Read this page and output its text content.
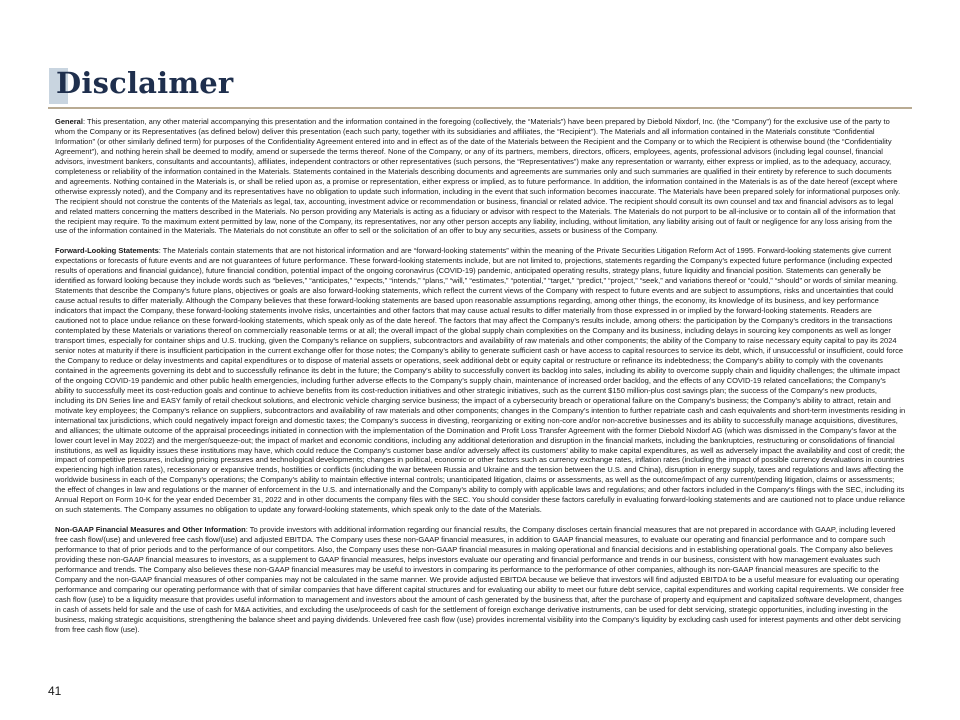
Disclaimer

General: This presentation, any other material accompanying this presentation and the information contained in the foregoing (collectively, the “Materials”) have been prepared by Diebold Nixdorf, Inc. (the “Company”) for the exclusive use of the party to whom the Company or its Representatives (as defined below) deliver this presentation (each such party, together with its subsidiaries and affiliates, the “Recipient”). The Materials and all information contained in the Materials constitute “Confidential Information” (or other similarly defined term) for purposes of the Confidentiality Agreement entered into and in effect as of the date of the Materials between the Recipient and the Company or to which the Recipient is otherwise bound (the “Confidentiality Agreement”), and nothing herein shall be deemed to modify, amend or supersede the terms thereof. None of the Company, or any of its partners, members, directors, officers, employees, agents, professional advisors (including legal counsel, financial advisors, investment bankers, consultants and accountants), affiliates, independent contractors or other representatives (such persons, the “Representatives”) make any representation or warranty, either express or implied, as to the adequacy, accuracy, completeness or reliability of the information contained in the Materials. Statements contained in the Materials describing documents and agreements are summaries only and such summaries are qualified in their entirety by reference to such documents and agreements. Nothing contained in the Materials is, or shall be relied upon as, a promise or representation, either express or implied, as to future performance. In addition, the information contained in the Materials is as of the date hereof (except where otherwise expressly noted), and the Company and its representatives have no obligation to update such information, including in the event that such information becomes inaccurate. The Materials have been prepared solely for informational purposes only. The recipient should not construe the contents of the Materials as legal, tax, accounting, investment advice or recommendation or business, financial or related advice. The recipient should consult its own counsel and tax and financial advisors as to legal and related matters concerning the matters described in the Materials. No person providing any Materials is acting as a fiduciary or advisor with respect to the Materials. The Materials do not purport to be all-inclusive or to contain all of the information that the recipient may require. To the maximum extent permitted by law, none of the Company, its representatives, nor any other person accepts any liability, including, without limitation, any liability arising out of fault or negligence for any loss arising from the use of the information contained in the Materials. The Materials do not constitute an offer to sell or the solicitation of an offer to buy any securities, assets or business of the Company.

Forward-Looking Statements: The Materials contain statements that are not historical information and are “forward-looking statements” within the meaning of the Private Securities Litigation Reform Act of 1995. Forward-looking statements give current expectations or forecasts of future events and are not guarantees of future performance. These forward-looking statements include, but are not limited to, projections, statements regarding the Company’s expected future performance (including expected results of operations and financial guidance), future financial condition, potential impact of the ongoing coronavirus (COVID-19) pandemic, anticipated operating results, strategy plans, future liquidity and financial position. Statements can generally be identified as forward looking because they include words such as “believes,” “anticipates,” “expects,” “intends,” “plans,” “will,” “estimates,” “potential,” “target,” “predict,” “project,” “seek,” and variations thereof or “could,” “should” or words of similar meaning. Statements that describe the Company’s future plans, objectives or goals are also forward-looking statements, which reflect the current views of the Company with respect to future events and are subject to assumptions, risks and uncertainties that could cause actual results to differ materially. Although the Company believes that these forward-looking statements are based upon reasonable assumptions regarding, among other things, the economy, its knowledge of its business, and key performance indicators that impact the Company, these forward-looking statements involve risks, uncertainties and other factors that may cause actual results to differ materially from those expressed in or implied by the forward-looking statements. Readers are cautioned not to place undue reliance on these forward-looking statements, which speak only as of the date hereof. The factors that may affect the Company’s results include, among others: the participation by the Company’s creditors in the transactions contemplated by these Materials or variations thereof on commercially reasonable terms or at all; the overall impact of the global supply chain complexities on the Company and its business, including delays in sourcing key components as well as longer transport times, especially for container ships and U.S. trucking, given the Company’s reliance on suppliers, subcontractors and availability of raw materials and other components; the ability of the Company to raise necessary equity capital to pay its 2024 senior notes at maturity if there is insufficient participation in the current exchange offer for those notes; the Company’s ability to generate sufficient cash or have access to capital resources to service its debt, which, if unsuccessful or insufficient, could force the Company to reduce or delay investments and capital expenditures or to dispose of material assets or operations, seek additional debt or equity capital or restructure or refinance its indebtedness; the Company’s ability to comply with the covenants contained in the agreements governing its debt and to successfully refinance its debt in the future; the Company’s ability to successfully convert its backlog into sales, including its ability to overcome supply chain and liquidity challenges; the ultimate impact of the ongoing COVID-19 pandemic and other public health emergencies, including further adverse effects to the Company’s supply chain, maintenance of increased order backlog, and the effects of any COVID-19 related cancellations; the Company’s ability to successfully meet its cost-reduction goals and continue to achieve benefits from its cost-reduction initiatives and other strategic initiatives, such as the current $150 million-plus cost savings plan; the success of the Company’s new products, including its DN Series line and EASY family of retail checkout solutions, and electronic vehicle charging service business; the impact of a cybersecurity breach or operational failure on the Company’s business; the Company’s ability to attract, retain and motivate key employees; the Company’s reliance on suppliers, subcontractors and availability of raw materials and other components; changes in the Company’s intention to further repatriate cash and cash equivalents and short-term investments residing in international tax jurisdictions, which could negatively impact foreign and domestic taxes; the Company’s success in divesting, reorganizing or exiting non-core and/or non-accretive businesses and its ability to successfully manage acquisitions, divestitures, and alliances; the ultimate outcome of the appraisal proceedings initiated in connection with the implementation of the Domination and Profit Loss Transfer Agreement with the former Diebold Nixdorf AG (which was dismissed in the Company’s favor at the lower court level in May 2022) and the merger/squeeze-out; the impact of market and economic conditions, including any additional deterioration and disruption in the financial markets, including the bankruptcies, restructuring or consolidations of financial institutions, as well as liquidity issues these institutions may have, which could reduce the Company’s customer base and/or adversely affect its customers’ ability to make capital expenditures, as well as adversely impact the availability and cost of credit; the impact of competitive pressures, including pricing pressures and technological developments; changes in political, economic or other factors such as currency exchange rates, inflation rates (including the impact of possible currency devaluations in countries experiencing high inflation rates), recessionary or expansive trends, hostilities or conflicts (including the war between Russia and Ukraine and the tension between the U.S. and China), disruption in energy supply, taxes and regulations and laws affecting the worldwide business in each of the Company’s operations; the Company’s ability to maintain effective internal controls; unanticipated litigation, claims or assessments, as well as the outcome/impact of any current/pending litigation, claims or assessments; the effect of changes in law and regulations or the manner of enforcement in the U.S. and internationally and the Company’s ability to comply with applicable laws and regulations; and other factors included in the Company’s filings with the SEC, including its Annual Report on Form 10-K for the year ended December 31, 2022 and in other documents the company files with the SEC. You should consider these factors carefully in evaluating forward-looking statements and are cautioned not to place undue reliance on such statements. The Company assumes no obligation to update any forward-looking statements, which speak only to the date of the Materials.

Non-GAAP Financial Measures and Other Information: To provide investors with additional information regarding our financial results, the Company discloses certain financial measures that are not prepared in accordance with GAAP, including levered free cash flow/(use) and unlevered free cash flow/(use) and adjusted EBITDA. The Company uses these non-GAAP financial measures, in addition to GAAP financial measures, to evaluate our operating and financial performance and to compare such performance to that of prior periods and to the performance of our competitors. Also, the Company uses these non-GAAP financial measures in making operational and financial decisions and in establishing operational goals. The Company also believes providing these non-GAAP financial measures to investors, as a supplement to GAAP financial measures, helps investors evaluate our operating and financial performance and trends in our business, consistent with how management evaluates such performance and trends. The Company also believes these non-GAAP financial measures may be useful to investors in comparing its performance to the performance of other companies, although its non-GAAP financial measures are specific to the Company and the non-GAAP financial measures of other companies may not be calculated in the same manner. We provide adjusted EBITDA because we believe that investors will find adjusted EBITDA to be a useful measure for evaluating our operating performance and comparing our operating performance with that of similar companies that have different capital structures and for evaluating our ability to meet our future debt service, capital expenditures and working capital requirements. We consider free cash flow (use) to be a liquidity measure that provides useful information to management and investors about the amount of cash generated by the business that, after the purchase of property and equipment and capitalized software development, changes in cash of assets held for sale and the use of cash for M&A activities, and excluding the use/proceeds of cash for the settlement of foreign exchange derivative instruments, can be used for debt servicing, strategic opportunities, including investing in the business, making strategic acquisitions, strengthening the balance sheet and paying dividends. Unlevered free cash flow (use) provides incremental visibility into the Company’s liquidity by excluding cash used for interest payments and other debt servicing from free cash flow (use).

41
